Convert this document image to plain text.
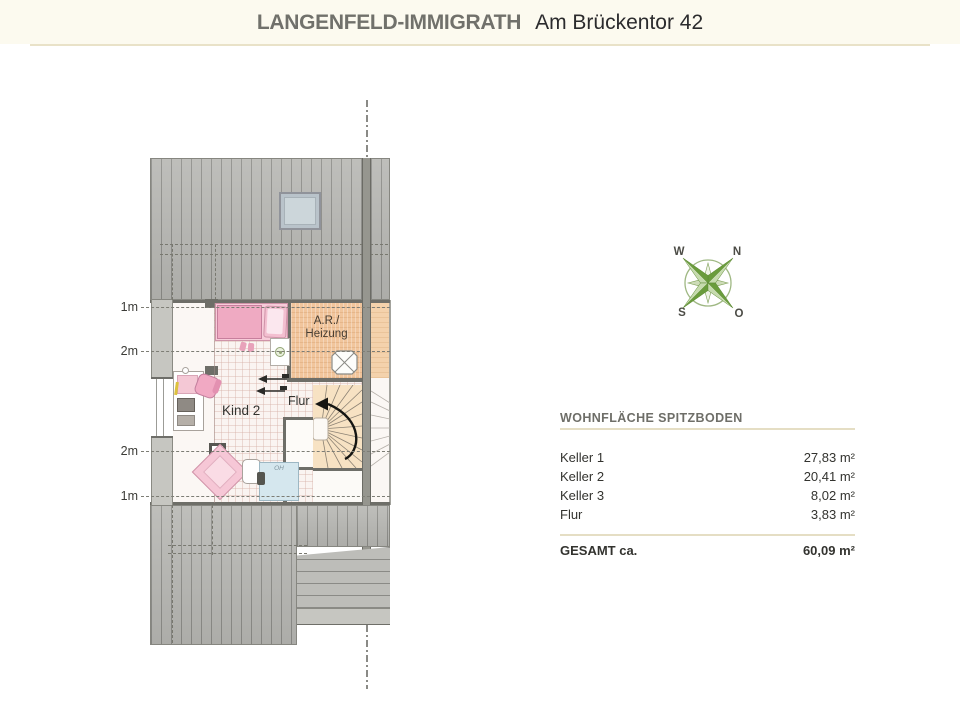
LANGENFELD-IMMIGRATH Am Brückentor 42
A.R./
Heizung
OH
Kind 2
Flur
1m
2m
2m
1m
W	N
S	O
WOHNFLÄCHE SPITZBODEN
Keller 1	27,83 m²
Keller 2	20,41 m²
Keller 3	8,02 m²
Flur	3,83 m²
GESAMT ca.	60,09 m²
